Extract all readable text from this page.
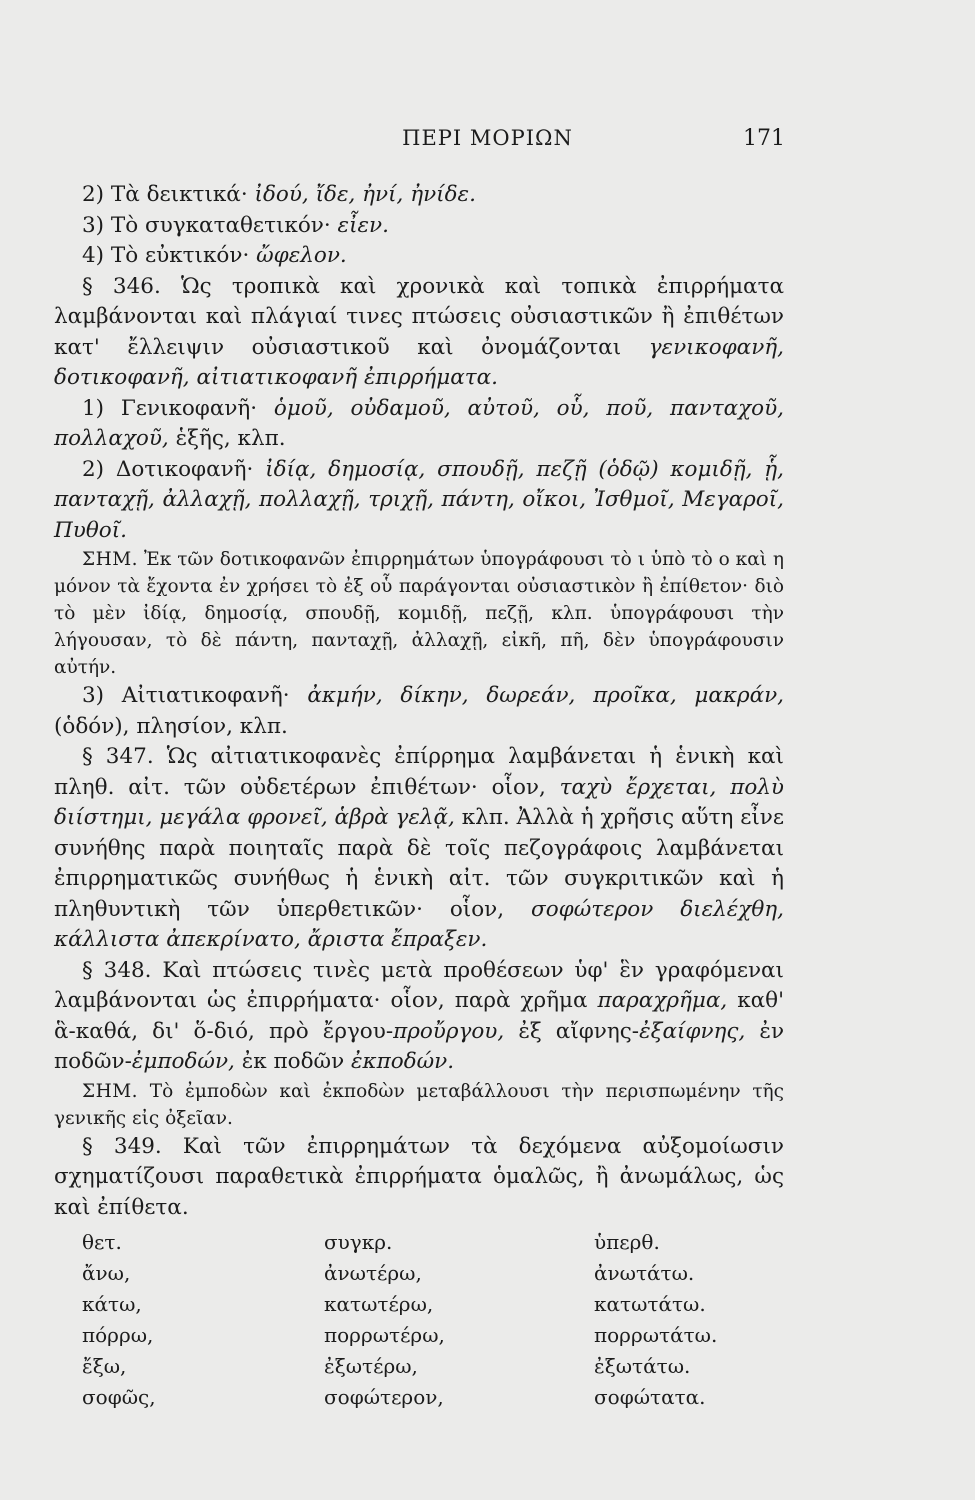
ΠΕΡΙ ΜΟΡΙΩΝ	171

2) Τὰ δεικτικά· ἰδού, ἴδε, ἠνί, ἠνίδε.

3) Τὸ συγκαταθετικόν· εἶεν.

4) Τὸ εὐκτικόν· ὤφελον.

§ 346. Ὡς τροπικὰ καὶ χρονικὰ καὶ τοπικὰ ἐπιρρήματα λαμβάνονται καὶ πλάγιαί τινες πτώσεις οὐσιαστικῶν ἢ ἐπιθέτων κατ' ἔλλειψιν οὐσιαστικοῦ καὶ ὀνομάζονται γενικοφανῆ, δοτικοφανῆ, αἰτιατικοφανῆ ἐπιρρήματα.

1) Γενικοφανῆ· ὁμοῦ, οὐδαμοῦ, αὐτοῦ, οὗ, ποῦ, πανταχοῦ, πολλαχοῦ, ἑξῆς, κλπ.

2) Δοτικοφανῆ· ἰδίᾳ, δημοσίᾳ, σπουδῇ, πεζῇ (ὁδῷ) κομιδῇ, ᾗ, πανταχῇ, ἀλλαχῇ, πολλαχῇ, τριχῇ, πάντη, οἴκοι, Ἰσθμοῖ, Μεγαροῖ, Πυθοῖ.

ΣΗΜ. Ἐκ τῶν δοτικοφανῶν ἐπιρρημάτων ὑπογράφουσι τὸ ι ὑπὸ τὸ ο καὶ η μόνον τὰ ἔχοντα ἐν χρήσει τὸ ἐξ οὗ παράγονται οὐσιαστικὸν ἢ ἐπίθετον· διὸ τὸ μὲν ἰδίᾳ, δημοσίᾳ, σπουδῇ, κομιδῇ, πεζῇ, κλπ. ὑπογράφουσι τὴν λήγουσαν, τὸ δὲ πάντη, πανταχῇ, ἀλλαχῇ, εἰκῆ, πῆ, δὲν ὑπογράφουσιν αὐτήν.

3) Αἰτιατικοφανῆ· ἀκμήν, δίκην, δωρεάν, προῖκα, μακράν, (ὁδόν), πλησίον, κλπ.

§ 347. Ὡς αἰτιατικοφανὲς ἐπίρρημα λαμβάνεται ἡ ἑνικὴ καὶ πληθ. αἰτ. τῶν οὐδετέρων ἐπιθέτων· οἷον, ταχὺ ἔρχεται, πολὺ διίστημι, μεγάλα φρονεῖ, ἁβρὰ γελᾷ, κλπ. Ἀλλὰ ἡ χρῆσις αὕτη εἶνε συνήθης παρὰ ποιηταῖς παρὰ δὲ τοῖς πεζογράφοις λαμβάνεται ἐπιρρηματικῶς συνήθως ἡ ἑνικὴ αἰτ. τῶν συγκριτικῶν καὶ ἡ πληθυντικὴ τῶν ὑπερθετικῶν· οἷον, σοφώτερον διελέχθη, κάλλιστα ἀπεκρίνατο, ἄριστα ἔπραξεν.

§ 348. Καὶ πτώσεις τινὲς μετὰ προθέσεων ὑφ' ἓν γραφόμεναι λαμβάνονται ὡς ἐπιρρήματα· οἷον, παρὰ χρῆμα παραχρῆμα, καθ' ἃ-καθά, δι' ὅ-διό, πρὸ ἔργου-προὔργου, ἐξ αἴφνης-ἐξαίφνης, ἐν ποδῶν-ἐμποδών, ἐκ ποδῶν ἐκποδών.

ΣΗΜ. Τὸ ἐμποδὼν καὶ ἐκποδὼν μεταβάλλουσι τὴν περισπωμένην τῆς γενικῆς εἰς ὀξεῖαν.

§ 349. Καὶ τῶν ἐπιρρημάτων τὰ δεχόμενα αὐξομοίωσιν σχηματίζουσι παραθετικὰ ἐπιρρήματα ὁμαλῶς, ἢ ἀνωμάλως, ὡς καὶ ἐπίθετα.

θετ.	συγκρ.	ὑπερθ.
ἄνω,	ἀνωτέρω,	ἀνωτάτω.
κάτω,	κατωτέρω,	κατωτάτω.
πόρρω,	πορρωτέρω,	πορρωτάτω.
ἔξω,	ἐξωτέρω,	ἐξωτάτω.
σοφῶς,	σοφώτερον,	σοφώτατα.
